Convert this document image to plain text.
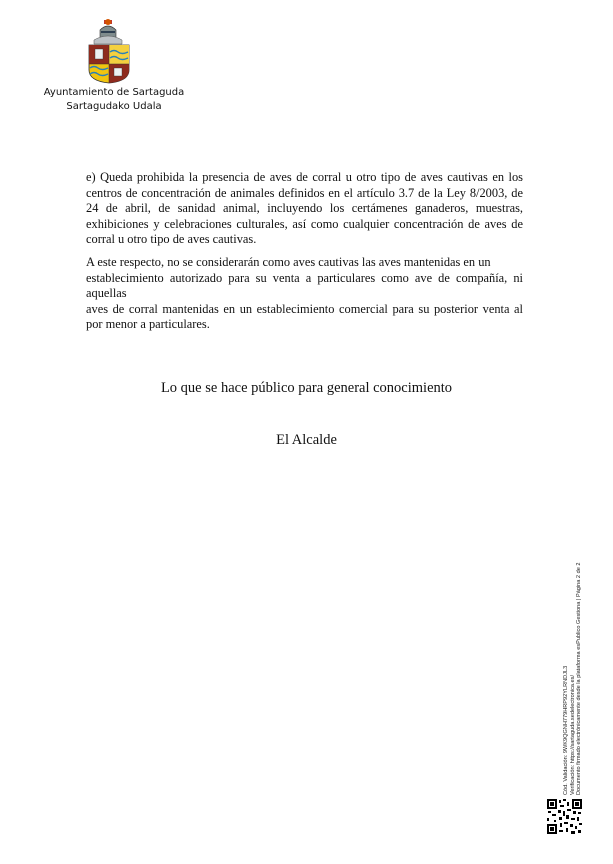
Ayuntamiento de Sartaguda
Sartagudako Udala

e) Queda prohibida la presencia de aves de corral u otro tipo de aves cautivas en los centros de concentración de animales definidos en el artículo 3.7 de la Ley 8/2003, de 24 de abril, de sanidad animal, incluyendo los certámenes ganaderos, muestras, exhibiciones y celebraciones culturales, así como cualquier concentración de aves de corral u otro tipo de aves cautivas.

A este respecto, no se considerarán como aves cautivas las aves mantenidas en un
establecimiento autorizado para su venta a particulares como ave de compañía, ni
aquellas
aves de corral mantenidas en un establecimiento comercial para su posterior venta al por menor a particulares.

Lo que se hace público para general conocimiento

El Alcalde

Cód. Validación: 9WK9QGNH779HRP92YLRNDJL3 Verificación: https://sartaguda.sedelectronica.es/ Documento firmado electrónicamente desde la plataforma esPublico Gestiona | Página 2 de 2
